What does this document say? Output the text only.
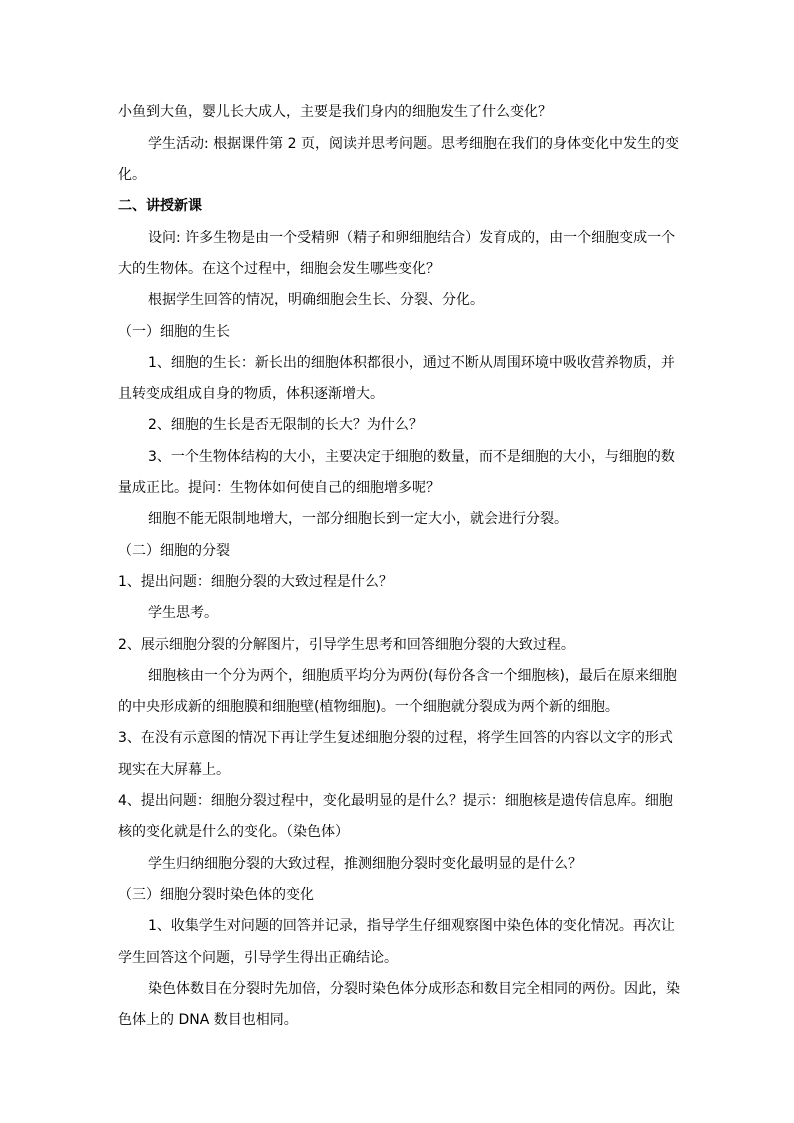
小鱼到大鱼，婴儿长大成人，主要是我们身内的细胞发生了什么变化？
学生活动: 根据课件第 2 页，阅读并思考问题。思考细胞在我们的身体变化中发生的变
化。
二、讲授新课
设问: 许多生物是由一个受精卵（精子和卵细胞结合）发育成的，由一个细胞变成一个
大的生物体。在这个过程中，细胞会发生哪些变化？
根据学生回答的情况，明确细胞会生长、分裂、分化。
（一）细胞的生长
1、细胞的生长：新长出的细胞体积都很小，通过不断从周围环境中吸收营养物质，并
且转变成组成自身的物质，体积逐渐增大。
2、细胞的生长是否无限制的长大？为什么？
3、一个生物体结构的大小，主要决定于细胞的数量，而不是细胞的大小，与细胞的数
量成正比。提问：生物体如何使自己的细胞增多呢？
细胞不能无限制地增大，一部分细胞长到一定大小，就会进行分裂。
（二）细胞的分裂
1、提出问题：细胞分裂的大致过程是什么？
学生思考。
2、展示细胞分裂的分解图片，引导学生思考和回答细胞分裂的大致过程。
细胞核由一个分为两个，细胞质平均分为两份(每份各含一个细胞核)，最后在原来细胞
的中央形成新的细胞膜和细胞壁(植物细胞)。一个细胞就分裂成为两个新的细胞。
3、在没有示意图的情况下再让学生复述细胞分裂的过程，将学生回答的内容以文字的形式
现实在大屏幕上。
4、提出问题：细胞分裂过程中，变化最明显的是什么？提示：细胞核是遗传信息库。细胞
核的变化就是什么的变化。（染色体）
学生归纳细胞分裂的大致过程，推测细胞分裂时变化最明显的是什么？
（三）细胞分裂时染色体的变化
1、收集学生对问题的回答并记录，指导学生仔细观察图中染色体的变化情况。再次让
学生回答这个问题，引导学生得出正确结论。
染色体数目在分裂时先加倍，分裂时染色体分成形态和数目完全相同的两份。因此，染
色体上的 DNA 数目也相同。
